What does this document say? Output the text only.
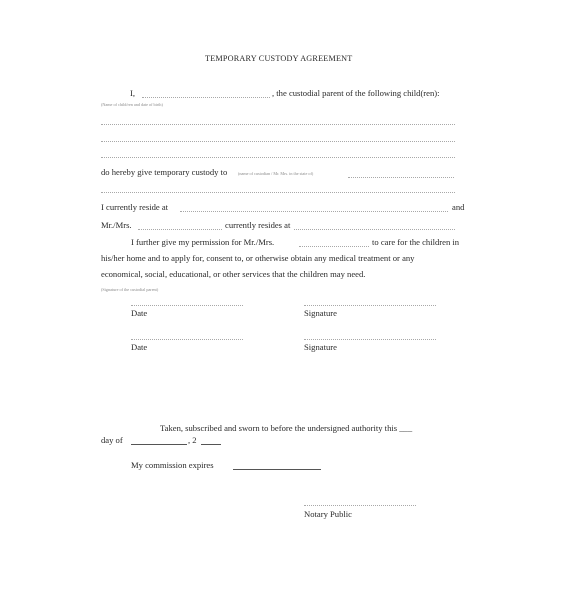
TEMPORARY CUSTODY AGREEMENT
I,	, the custodial parent of the following child(ren):
(Name of child/ren and date of birth)
do hereby give temporary custody to	(name of custodian / Mr. Mrs. in the state of)
I currently reside at	and
Mr./Mrs.	currently resides at
I further give my permission for Mr./Mrs.	to care for the children in
his/her home and to apply for, consent to, or otherwise obtain any medical treatment or any
economical, social, educational, or other services that the children may need.
(Signature of the custodial parent)
Date	Signature
Date	Signature
Taken, subscribed and sworn to before the undersigned authority this ___
day of	, 2
My commission expires
Notary Public
